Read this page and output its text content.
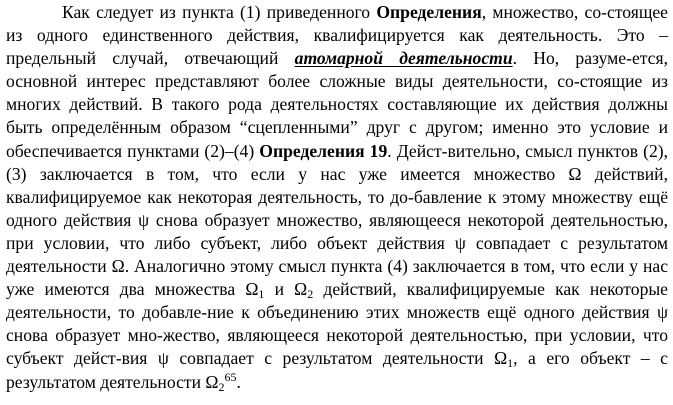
Как следует из пункта (1) приведенного Определения, множество, со-стоящее из одного единственного действия, квалифицируется как деятельность. Это – предельный случай, отвечающий атомарной деятельности. Но, разуме-ется, основной интерес представляют более сложные виды деятельности, со-стоящие из многих действий. В такого рода деятельностях составляющие их действия должны быть определённым образом “сцепленными” друг с другом; именно это условие и обеспечивается пунктами (2)–(4) Определения 19. Дейст-вительно, смысл пунктов (2),(3) заключается в том, что если у нас уже имеется множество Ω действий, квалифицируемое как некоторая деятельность, то до-бавление к этому множеству ещё одного действия ψ снова образует множество, являющееся некоторой деятельностью, при условии, что либо субъект, либо объект действия ψ совпадает с результатом деятельности Ω. Аналогично этому смысл пункта (4) заключается в том, что если у нас уже имеются два множества $\Omega_1$ и $\Omega_2$ действий, квалифицируемые как некоторые деятельности, то добавле-ние к объединению этих множеств ещё одного действия ψ снова образует мно-жество, являющееся некоторой деятельностью, при условии, что субъект дейст-вия ψ совпадает с результатом деятельности $\Omega_1$, а его объект – с результатом деятельности $\Omega_2^{65}$.
